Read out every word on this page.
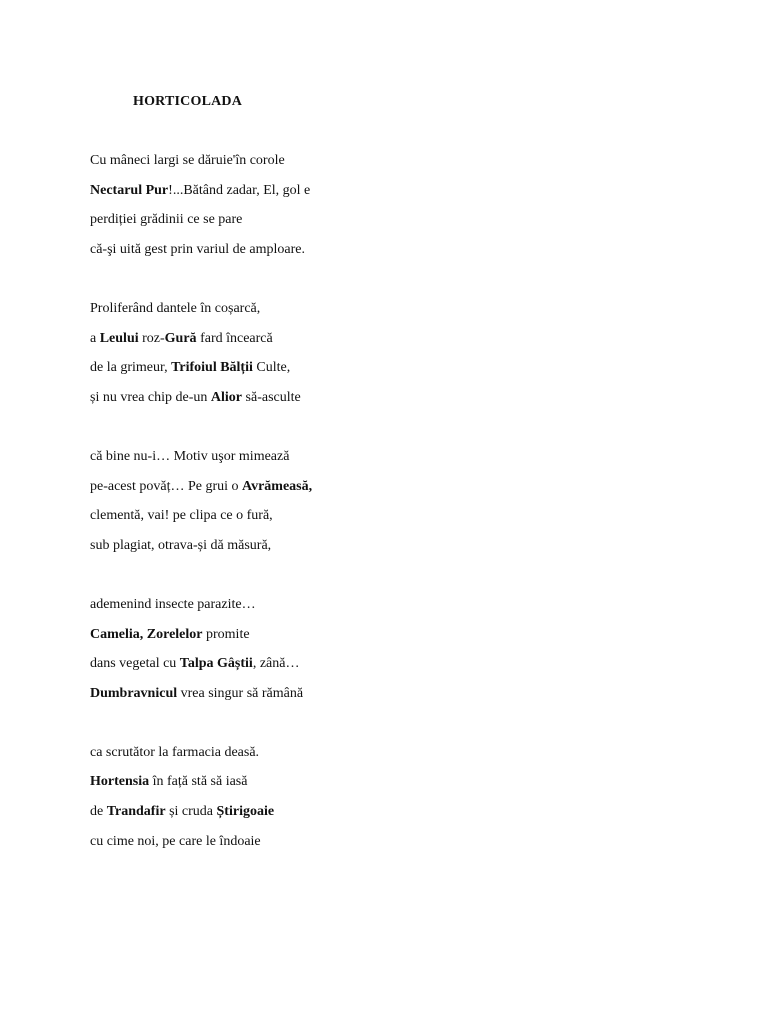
HORTICOLADA
Cu mâneci largi se dăruie'în corole
Nectarul Pur!...Bătând zadar, El, gol e
perdiției grădinii ce se pare
că-şi uită gest prin variul de amploare.
Proliferând dantele în coșarcă,
a Leului roz-Gură fard încearcă
de la grimeur, Trifoiul Bălții Culte,
și nu vrea chip de-un Alior să-asculte
că bine nu-i… Motiv uşor mimează
pe-acest povăț… Pe grui o Avrămeasă,
clementă, vai! pe clipa ce o fură,
sub plagiat, otrava-și dă măsură,
ademenind insecte parazite…
Camelia, Zorelelor promite
dans vegetal cu Talpa Gâștii, zână…
Dumbravnicul vrea singur să rămână
ca scrutător la farmacia deasă.
Hortensia în față stă să iasă
de Trandafir și cruda Știrigoaie
cu cime noi, pe care le îndoaie
